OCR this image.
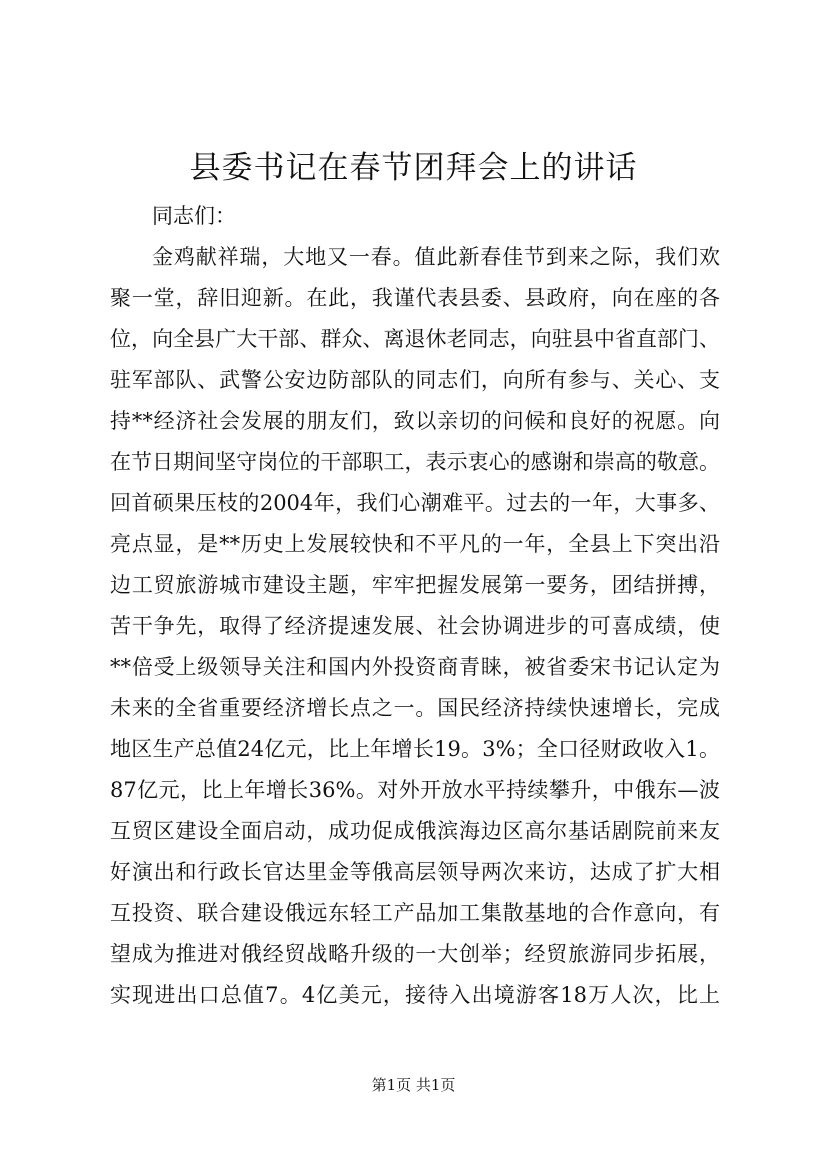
县委书记在春节团拜会上的讲话
同志们：
金鸡献祥瑞，大地又一春。值此新春佳节到来之际，我们欢
聚一堂，辞旧迎新。在此，我谨代表县委、县政府，向在座的各
位，向全县广大干部、群众、离退休老同志，向驻县中省直部门、
驻军部队、武警公安边防部队的同志们，向所有参与、关心、支
持**经济社会发展的朋友们，致以亲切的问候和良好的祝愿。向
在节日期间坚守岗位的干部职工，表示衷心的感谢和崇高的敬意。
回首硕果压枝的2004年，我们心潮难平。过去的一年，大事多、
亮点显，是**历史上发展较快和不平凡的一年，全县上下突出沿
边工贸旅游城市建设主题，牢牢把握发展第一要务，团结拼搏，
苦干争先，取得了经济提速发展、社会协调进步的可喜成绩，使
**倍受上级领导关注和国内外投资商青睐，被省委宋书记认定为
未来的全省重要经济增长点之一。国民经济持续快速增长，完成
地区生产总值24亿元，比上年增长19。3%；全口径财政收入1。
87亿元，比上年增长36%。对外开放水平持续攀升，中俄东—波
互贸区建设全面启动，成功促成俄滨海边区高尔基话剧院前来友
好演出和行政长官达里金等俄高层领导两次来访，达成了扩大相
互投资、联合建设俄远东轻工产品加工集散基地的合作意向，有
望成为推进对俄经贸战略升级的一大创举；经贸旅游同步拓展，
实现进出口总值7。4亿美元，接待入出境游客18万人次，比上
第1页 共1页
